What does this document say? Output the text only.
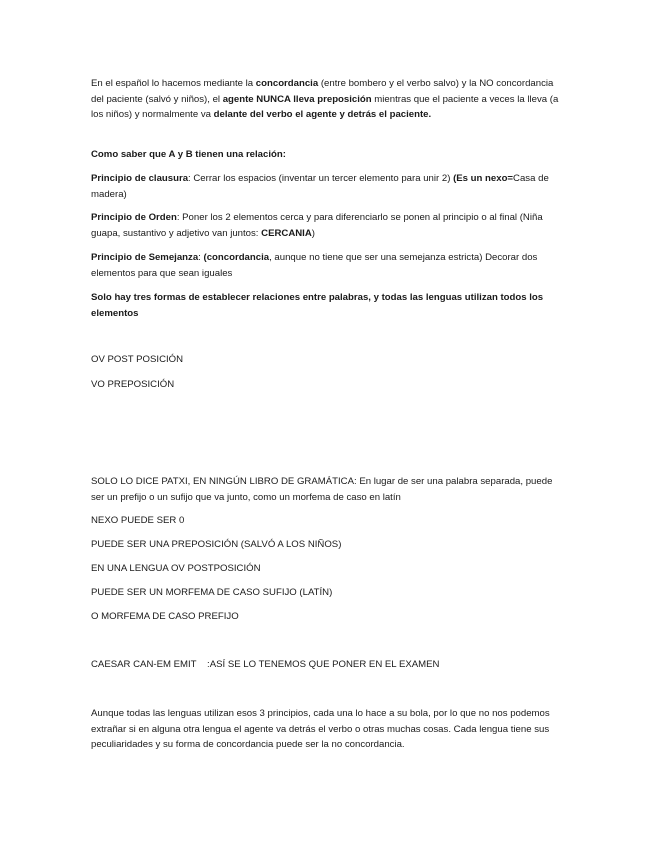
En el español lo hacemos mediante la concordancia (entre bombero y el verbo salvo) y la NO concordancia del paciente (salvó y niños), el agente NUNCA lleva preposición mientras que el paciente a veces la lleva (a los niños) y normalmente va delante del verbo el agente y detrás el paciente.

Como saber que A y B tienen una relación:

Principio de clausura: Cerrar los espacios (inventar un tercer elemento para unir 2) (Es un nexo=Casa de madera)

Principio de Orden: Poner los 2 elementos cerca y para diferenciarlo se ponen al principio o al final (Niña guapa, sustantivo y adjetivo van juntos: CERCANIA)

Principio de Semejanza: (concordancia, aunque no tiene que ser una semejanza estricta) Decorar dos elementos para que sean iguales

Solo hay tres formas de establecer relaciones entre palabras, y todas las lenguas utilizan todos los elementos

OV POST POSICIÓN

VO PREPOSICIÓN

SOLO LO DICE PATXI, EN NINGÚN LIBRO DE GRAMÁTICA: En lugar de ser una palabra separada, puede ser un prefijo o un sufijo que va junto, como un morfema de caso en latín

NEXO PUEDE SER 0

PUEDE SER UNA PREPOSICIÓN (SALVÓ A LOS NIÑOS)

EN UNA LENGUA OV POSTPOSICIÓN

PUEDE SER UN MORFEMA DE CASO SUFIJO (LATÍN)

O MORFEMA DE CASO PREFIJO

CAESAR CAN-EM EMIT    :ASÍ SE LO TENEMOS QUE PONER EN EL EXAMEN

Aunque todas las lenguas utilizan esos 3 principios, cada una lo hace a su bola, por lo que no nos podemos extrañar si en alguna otra lengua el agente va detrás el verbo o otras muchas cosas. Cada lengua tiene sus peculiaridades y su forma de concordancia puede ser la no concordancia.
